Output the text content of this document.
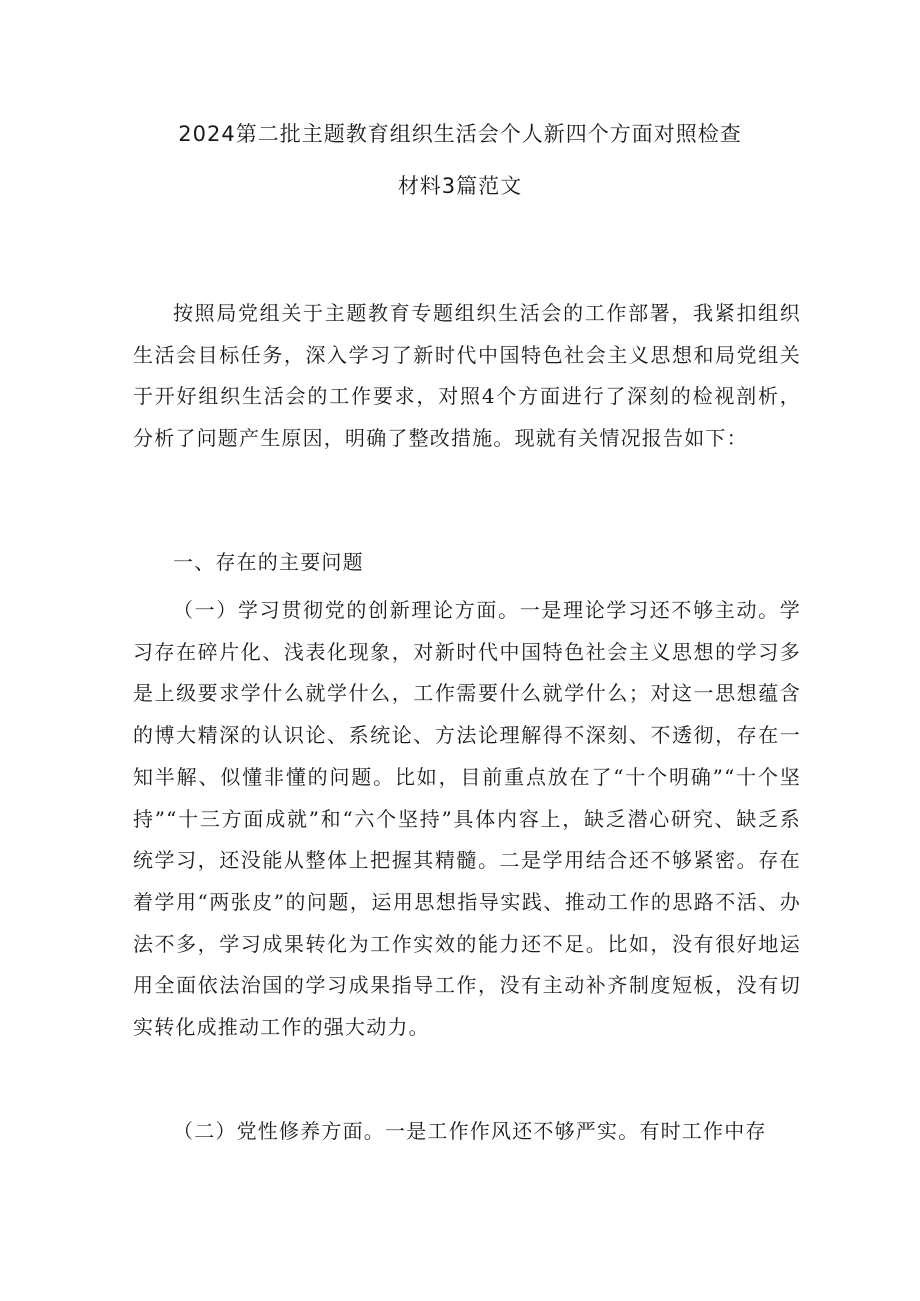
2024第二批主题教育组织生活会个人新四个方面对照检查
材料3篇范文

按照局党组关于主题教育专题组织生活会的工作部署，我紧扣组织生活会目标任务，深入学习了新时代中国特色社会主义思想和局党组关于开好组织生活会的工作要求，对照4个方面进行了深刻的检视剖析，分析了问题产生原因，明确了整改措施。现就有关情况报告如下：

一、存在的主要问题

（一）学习贯彻党的创新理论方面。一是理论学习还不够主动。学习存在碎片化、浅表化现象，对新时代中国特色社会主义思想的学习多是上级要求学什么就学什么，工作需要什么就学什么；对这一思想蕴含的博大精深的认识论、系统论、方法论理解得不深刻、不透彻，存在一知半解、似懂非懂的问题。比如，目前重点放在了“十个明确”“十个坚持”“十三方面成就”和“六个坚持”具体内容上，缺乏潜心研究、缺乏系统学习，还没能从整体上把握其精髓。二是学用结合还不够紧密。存在着学用“两张皮”的问题，运用思想指导实践、推动工作的思路不活、办法不多，学习成果转化为工作实效的能力还不足。比如，没有很好地运用全面依法治国的学习成果指导工作，没有主动补齐制度短板，没有切实转化成推动工作的强大动力。

（二）党性修养方面。一是工作作风还不够严实。有时工作中存
